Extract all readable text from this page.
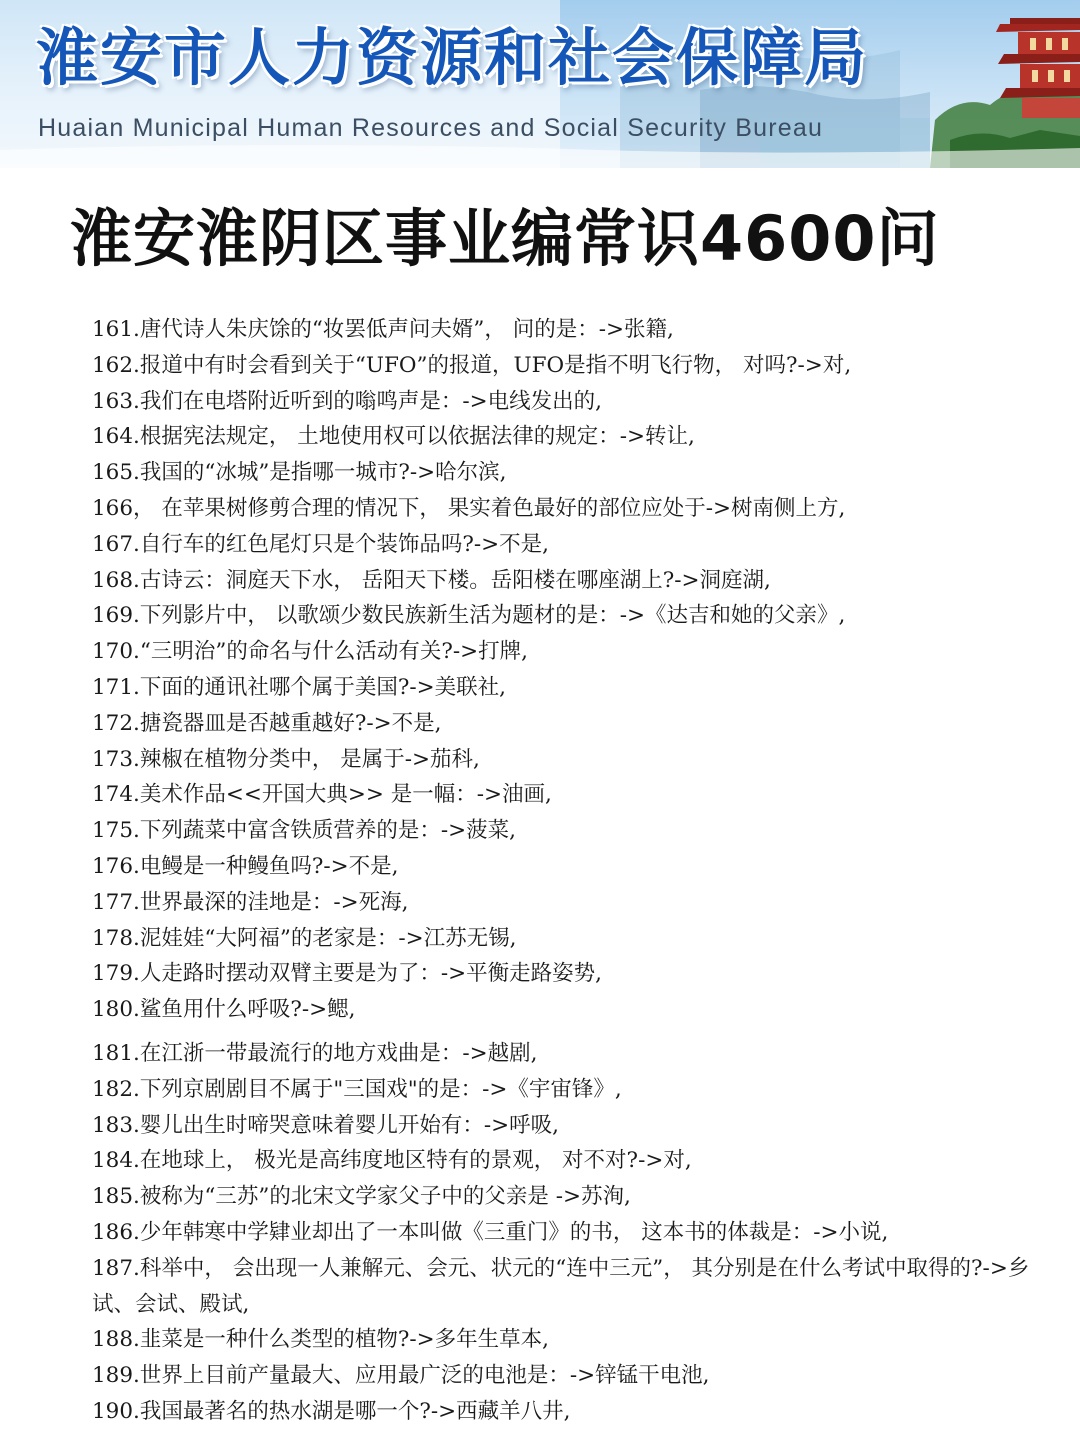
淮安市人力资源和社会保障局
Huaian Municipal Human Resources and Social Security Bureau
淮安淮阴区事业编常识4600问
161.唐代诗人朱庆馀的“妆罢低声问夫婿”， 问的是：->张籍,
162.报道中有时会看到关于“UFO”的报道，UFO是指不明飞行物， 对吗?->对,
163.我们在电塔附近听到的嗡鸣声是：->电线发出的,
164.根据宪法规定， 土地使用权可以依据法律的规定：->转让,
165.我国的“冰城”是指哪一城市?->哈尔滨,
166， 在苹果树修剪合理的情况下， 果实着色最好的部位应处于->树南侧上方,
167.自行车的红色尾灯只是个装饰品吗?->不是,
168.古诗云：洞庭天下水， 岳阳天下楼。岳阳楼在哪座湖上?->洞庭湖,
169.下列影片中， 以歌颂少数民族新生活为题材的是：->《达吉和她的父亲》,
170.“三明治”的命名与什么活动有关?->打牌,
171.下面的通讯社哪个属于美国?->美联社,
172.搪瓷器皿是否越重越好?->不是,
173.辣椒在植物分类中， 是属于->茄科,
174.美术作品<<开国大典>> 是一幅：->油画,
175.下列蔬菜中富含铁质营养的是：->菠菜,
176.电鳗是一种鳗鱼吗?->不是,
177.世界最深的洼地是：->死海,
178.泥娃娃“大阿福”的老家是：->江苏无锡,
179.人走路时摆动双臂主要是为了：->平衡走路姿势,
180.鲨鱼用什么呼吸?->鳃,
181.在江浙一带最流行的地方戏曲是：->越剧,
182.下列京剧剧目不属于"三国戏"的是：->《宇宙锋》,
183.婴儿出生时啼哭意味着婴儿开始有：->呼吸,
184.在地球上， 极光是高纬度地区特有的景观， 对不对?->对,
185.被称为“三苏”的北宋文学家父子中的父亲是 ->苏洵,
186.少年韩寒中学肄业却出了一本叫做《三重门》的书， 这本书的体裁是：->小说,
187.科举中， 会出现一人兼解元、会元、状元的“连中三元”， 其分别是在什么考试中取得的?->乡试、会试、殿试,
188.韭菜是一种什么类型的植物?->多年生草本,
189.世界上目前产量最大、应用最广泛的电池是：->锌锰干电池,
190.我国最著名的热水湖是哪一个?->西藏羊八井,
